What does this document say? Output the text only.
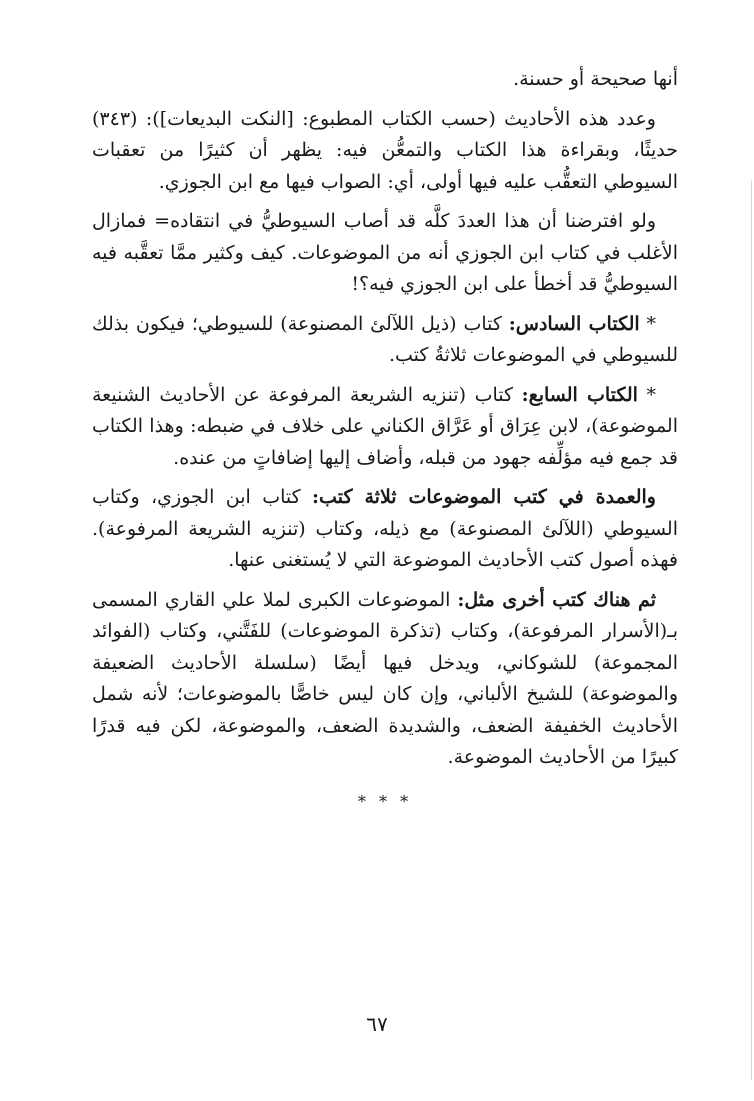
أنها صحيحة أو حسنة.

وعدد هذه الأحاديث (حسب الكتاب المطبوع: [النكت البديعات]): (٣٤٣) حديثًا، وبقراءة هذا الكتاب والتمعُّن فيه: يظهر أن كثيرًا من تعقبات السيوطي التعقُّب عليه فيها أولى، أي: الصواب فيها مع ابن الجوزي.

ولو افترضنا أن هذا العددَ كلَّه قد أصاب السيوطيُّ في انتقاده= فمازال الأغلب في كتاب ابن الجوزي أنه من الموضوعات. كيف وكثير ممَّا تعقَّبه فيه السيوطيُّ قد أخطأ على ابن الجوزي فيه؟!

* الكتاب السادس: كتاب (ذيل اللآلئ المصنوعة) للسيوطي؛ فيكون بذلك للسيوطي في الموضوعات ثلاثةُ كتب.

* الكتاب السابع: كتاب (تنزيه الشريعة المرفوعة عن الأحاديث الشنيعة الموضوعة)، لابن عِرَاق أو عَرَّاق الكناني على خلاف في ضبطه: وهذا الكتاب قد جمع فيه مؤلِّفه جهود من قبله، وأضاف إليها إضافاتٍ من عنده.

والعمدة في كتب الموضوعات ثلاثة كتب: كتاب ابن الجوزي، وكتاب السيوطي (اللآلئ المصنوعة) مع ذيله، وكتاب (تنزيه الشريعة المرفوعة). فهذه أصول كتب الأحاديث الموضوعة التي لا يُستغنى عنها.

ثم هناك كتب أخرى مثل: الموضوعات الكبرى لملا علي القاري المسمى بـ(الأسرار المرفوعة)، وكتاب (تذكرة الموضوعات) للفَتَّني، وكتاب (الفوائد المجموعة) للشوكاني، ويدخل فيها أيضًا (سلسلة الأحاديث الضعيفة والموضوعة) للشيخ الألباني، وإن كان ليس خاصًّا بالموضوعات؛ لأنه شمل الأحاديث الخفيفة الضعف، والشديدة الضعف، والموضوعة، لكن فيه قدرًا كبيرًا من الأحاديث الموضوعة.

* * *
٦٧
